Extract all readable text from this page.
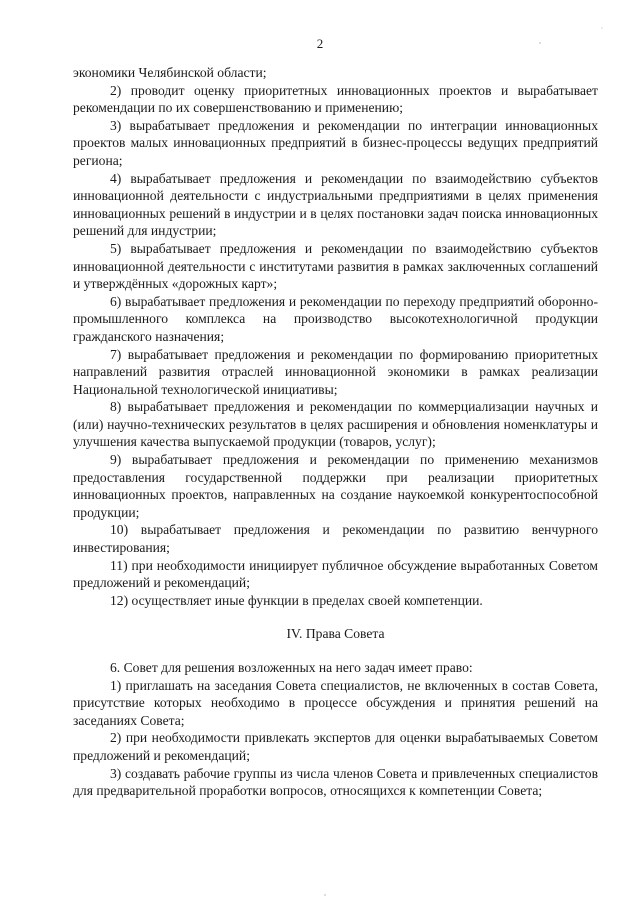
2

экономики Челябинской области;

2) проводит оценку приоритетных инновационных проектов и вырабатывает рекомендации по их совершенствованию и применению;

3) вырабатывает предложения и рекомендации по интеграции инновационных проектов малых инновационных предприятий в бизнес-процессы ведущих предприятий региона;

4) вырабатывает предложения и рекомендации по взаимодействию субъектов инновационной деятельности с индустриальными предприятиями в целях применения инновационных решений в индустрии и в целях постановки задач поиска инновационных решений для индустрии;

5) вырабатывает предложения и рекомендации по взаимодействию субъектов инновационной деятельности с институтами развития в рамках заключенных соглашений и утверждённых «дорожных карт»;

6) вырабатывает предложения и рекомендации по переходу предприятий оборонно-промышленного комплекса на производство высокотехнологичной продукции гражданского назначения;

7) вырабатывает предложения и рекомендации по формированию приоритетных направлений развития отраслей инновационной экономики в рамках реализации Национальной технологической инициативы;

8) вырабатывает предложения и рекомендации по коммерциализации научных и (или) научно-технических результатов в целях расширения и обновления номенклатуры и улучшения качества выпускаемой продукции (товаров, услуг);

9) вырабатывает предложения и рекомендации по применению механизмов предоставления государственной поддержки при реализации приоритетных инновационных проектов, направленных на создание наукоемкой конкурентоспособной продукции;

10) вырабатывает предложения и рекомендации по развитию венчурного инвестирования;

11) при необходимости инициирует публичное обсуждение выработанных Советом предложений и рекомендаций;

12) осуществляет иные функции в пределах своей компетенции.

IV. Права Совета

6. Совет для решения возложенных на него задач имеет право:

1) приглашать на заседания Совета специалистов, не включенных в состав Совета, присутствие которых необходимо в процессе обсуждения и принятия решений на заседаниях Совета;

2) при необходимости привлекать экспертов для оценки вырабатываемых Советом предложений и рекомендаций;

3) создавать рабочие группы из числа членов Совета и привлеченных специалистов для предварительной проработки вопросов, относящихся к компетенции Совета;
